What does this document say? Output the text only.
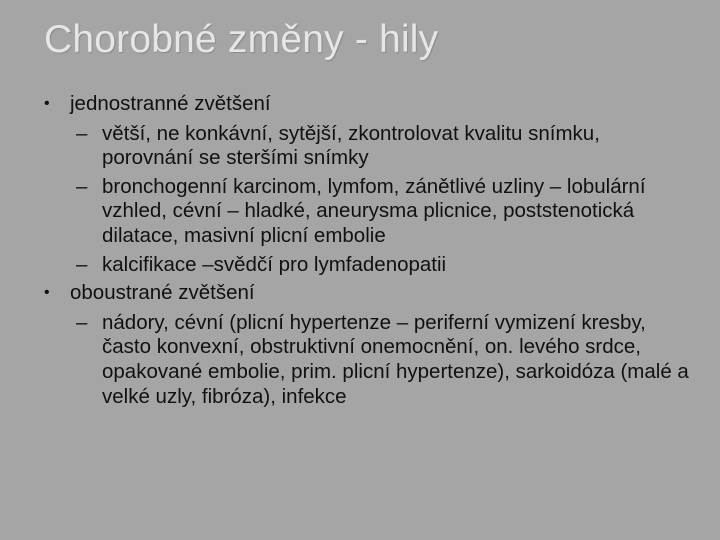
Chorobné změny - hily
• jednostranné zvětšení
– větší, ne konkávní, sytější, zkontrolovat kvalitu snímku, porovnání se steršími snímky
– bronchogenní karcinom, lymfom, zánětlivé uzliny – lobulární vzhled, cévní – hladké, aneurysma plicnice, poststenotická dilatace, masivní plicní embolie
– kalcifikace –svědčí pro lymfadenopatii
• oboustrané zvětšení
– nádory, cévní (plicní hypertenze – periferní vymizení kresby, často konvexní, obstruktivní onemocnění, on. levého srdce, opakované embolie, prim. plicní hypertenze), sarkoidóza (malé a velké uzly, fibróza), infekce
